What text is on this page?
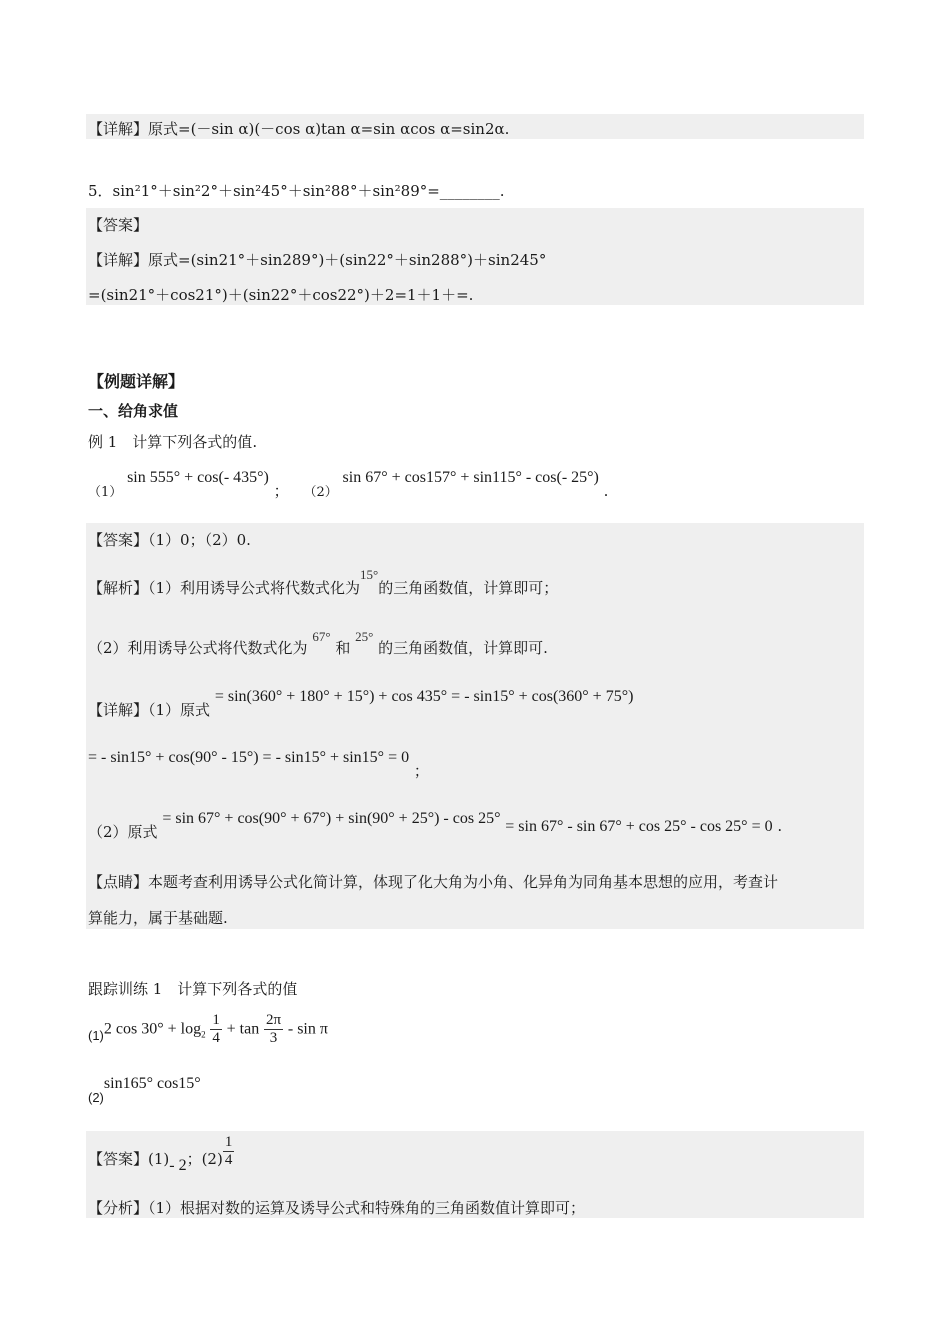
【详解】原式=(－sin α)(－cos α)tan α=sin αcos α=sin2α.
5．sin²1°＋sin²2°＋sin²45°＋sin²88°＋sin²89°=________.
【答案】
【详解】原式=(sin21°＋sin289°)＋(sin22°＋sin288°)＋sin245°
=(sin21°＋cos21°)＋(sin22°＋cos22°)＋2=1＋1＋=.
【例题详解】
一、给角求值
例 1　计算下列各式的值.
（1） sin 555° + cos(- 435°) ； （2） sin 67° + cos157° + sin115° - cos(- 25°) .
【答案】（1）0；（2）0.
【解析】（1）利用诱导公式将代数式化为15°的三角函数值，计算即可；
（2）利用诱导公式将代数式化为 67° 和 25° 的三角函数值，计算即可.
【详解】（1）原式 = sin(360° + 180° + 15°) + cos 435° = - sin15° + cos(360° + 75°)
= - sin15° + cos(90° - 15°) = - sin15° + sin15° = 0 ；
（2）原式 = sin 67° + cos(90° + 67°) + sin(90° + 25°) - cos 25° = sin 67° - sin 67° + cos 25° - cos 25° = 0 .
【点睛】本题考查利用诱导公式化简计算，体现了化大角为小角、化异角为同角基本思想的应用，考查计
算能力，属于基础题.
跟踪训练 1　计算下列各式的值
(1)2 $\cos 30^\circ + \log_2 \frac{1}{4} + \tan \frac{2\pi}{3} - \sin \pi$
(2)sin165° cos15°
【答案】(1)- 2；$(2) \frac{1}{4}$
【分析】（1）根据对数的运算及诱导公式和特殊角的三角函数值计算即可；
